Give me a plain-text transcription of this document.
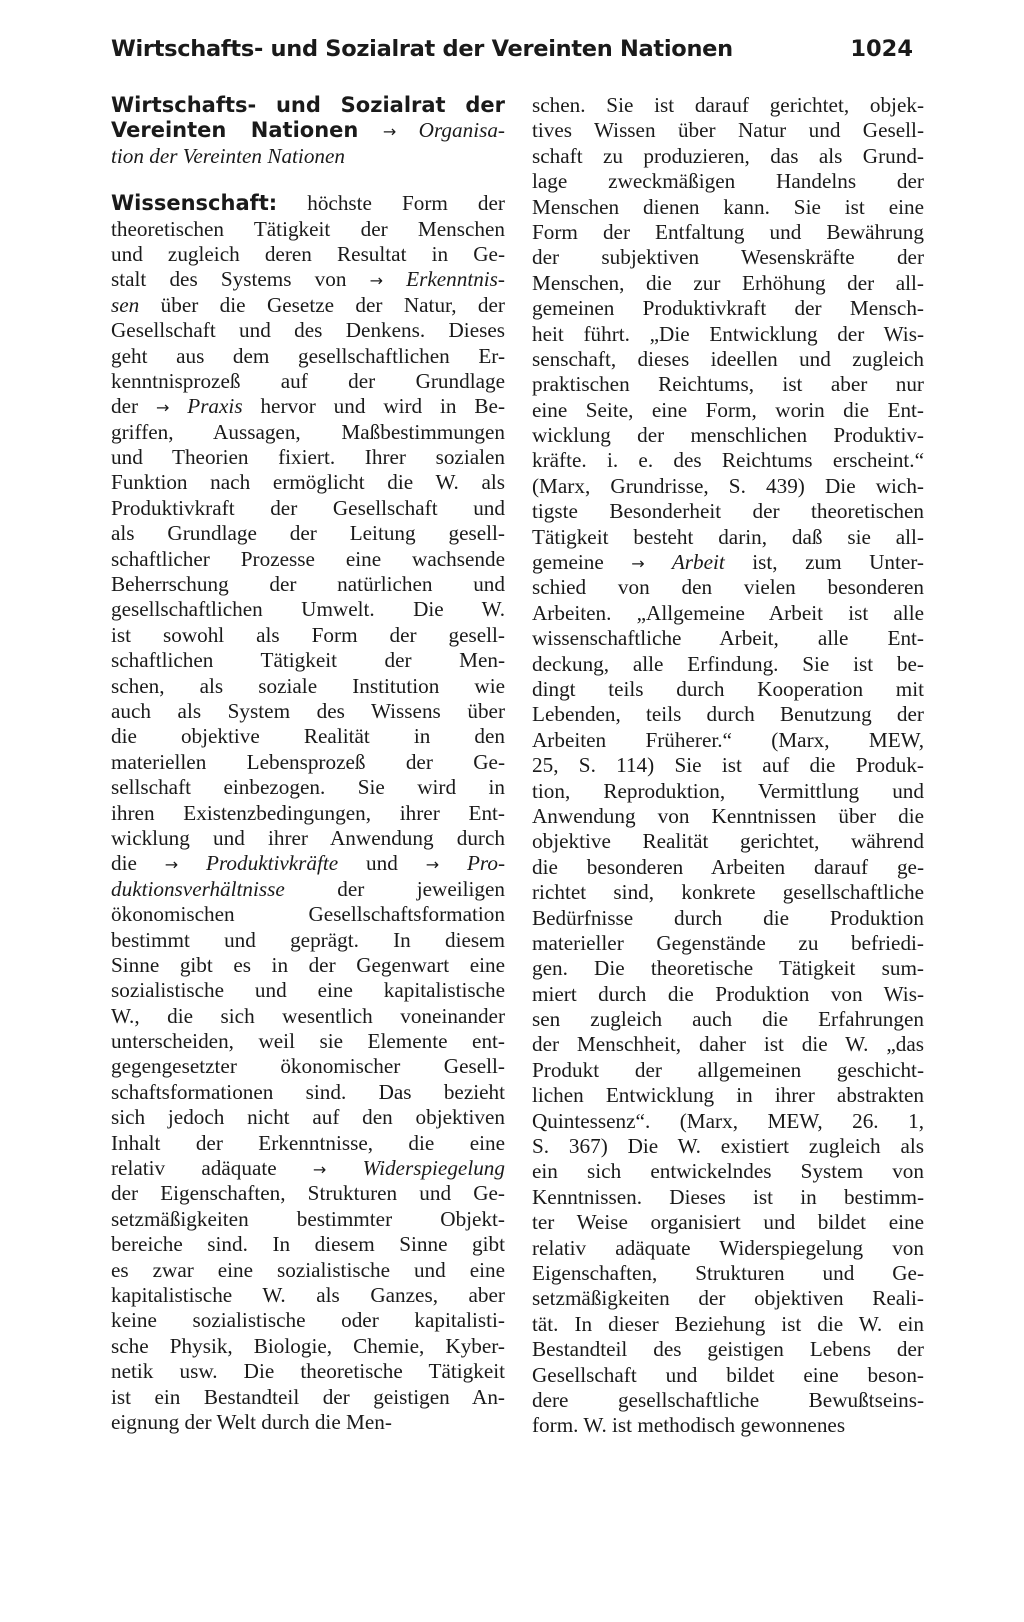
Wirtschafts- und Sozialrat der Vereinten Nationen	1024
Wirtschafts- und Sozialrat der
Vereinten Nationen → Organisa-
tion der Vereinten Nationen
Wissenschaft: höchste Form der
theoretischen Tätigkeit der Menschen
und zugleich deren Resultat in Ge-
stalt des Systems von → Erkenntnis-
sen über die Gesetze der Natur, der
Gesellschaft und des Denkens. Dieses
geht aus dem gesellschaftlichen Er-
kenntnisprozeß auf der Grundlage
der → Praxis hervor und wird in Be-
griffen, Aussagen, Maßbestimmungen
und Theorien fixiert. Ihrer sozialen
Funktion nach ermöglicht die W. als
Produktivkraft der Gesellschaft und
als Grundlage der Leitung gesell-
schaftlicher Prozesse eine wachsende
Beherrschung der natürlichen und
gesellschaftlichen Umwelt. Die W.
ist sowohl als Form der gesell-
schaftlichen Tätigkeit der Men-
schen, als soziale Institution wie
auch als System des Wissens über
die objektive Realität in den
materiellen Lebensprozeß der Ge-
sellschaft einbezogen. Sie wird in
ihren Existenzbedingungen, ihrer Ent-
wicklung und ihrer Anwendung durch
die → Produktivkräfte und → Pro-
duktionsverhältnisse der jeweiligen
ökonomischen Gesellschaftsformation
bestimmt und geprägt. In diesem
Sinne gibt es in der Gegenwart eine
sozialistische und eine kapitalistische
W., die sich wesentlich voneinander
unterscheiden, weil sie Elemente ent-
gegengesetzter ökonomischer Gesell-
schaftsformationen sind. Das bezieht
sich jedoch nicht auf den objektiven
Inhalt der Erkenntnisse, die eine
relativ adäquate → Widerspiegelung
der Eigenschaften, Strukturen und Ge-
setzmäßigkeiten bestimmter Objekt-
bereiche sind. In diesem Sinne gibt
es zwar eine sozialistische und eine
kapitalistische W. als Ganzes, aber
keine sozialistische oder kapitalisti-
sche Physik, Biologie, Chemie, Kyber-
netik usw. Die theoretische Tätigkeit
ist ein Bestandteil der geistigen An-
eignung der Welt durch die Men-
schen. Sie ist darauf gerichtet, objek-
tives Wissen über Natur und Gesell-
schaft zu produzieren, das als Grund-
lage zweckmäßigen Handelns der
Menschen dienen kann. Sie ist eine
Form der Entfaltung und Bewährung
der subjektiven Wesenskräfte der
Menschen, die zur Erhöhung der all-
gemeinen Produktivkraft der Mensch-
heit führt. „Die Entwicklung der Wis-
senschaft, dieses ideellen und zugleich
praktischen Reichtums, ist aber nur
eine Seite, eine Form, worin die Ent-
wicklung der menschlichen Produktiv-
kräfte. i. e. des Reichtums erscheint.“
(Marx, Grundrisse, S. 439) Die wich-
tigste Besonderheit der theoretischen
Tätigkeit besteht darin, daß sie all-
gemeine → Arbeit ist, zum Unter-
schied von den vielen besonderen
Arbeiten. „Allgemeine Arbeit ist alle
wissenschaftliche Arbeit, alle Ent-
deckung, alle Erfindung. Sie ist be-
dingt teils durch Kooperation mit
Lebenden, teils durch Benutzung der
Arbeiten Früherer.“ (Marx, MEW,
25, S. 114) Sie ist auf die Produk-
tion, Reproduktion, Vermittlung und
Anwendung von Kenntnissen über die
objektive Realität gerichtet, während
die besonderen Arbeiten darauf ge-
richtet sind, konkrete gesellschaftliche
Bedürfnisse durch die Produktion
materieller Gegenstände zu befriedi-
gen. Die theoretische Tätigkeit sum-
miert durch die Produktion von Wis-
sen zugleich auch die Erfahrungen
der Menschheit, daher ist die W. „das
Produkt der allgemeinen geschicht-
lichen Entwicklung in ihrer abstrakten
Quintessenz“. (Marx, MEW, 26. 1,
S. 367) Die W. existiert zugleich als
ein sich entwickelndes System von
Kenntnissen. Dieses ist in bestimm-
ter Weise organisiert und bildet eine
relativ adäquate Widerspiegelung von
Eigenschaften, Strukturen und Ge-
setzmäßigkeiten der objektiven Reali-
tät. In dieser Beziehung ist die W. ein
Bestandteil des geistigen Lebens der
Gesellschaft und bildet eine beson-
dere gesellschaftliche Bewußtseins-
form. W. ist methodisch gewonnenes
